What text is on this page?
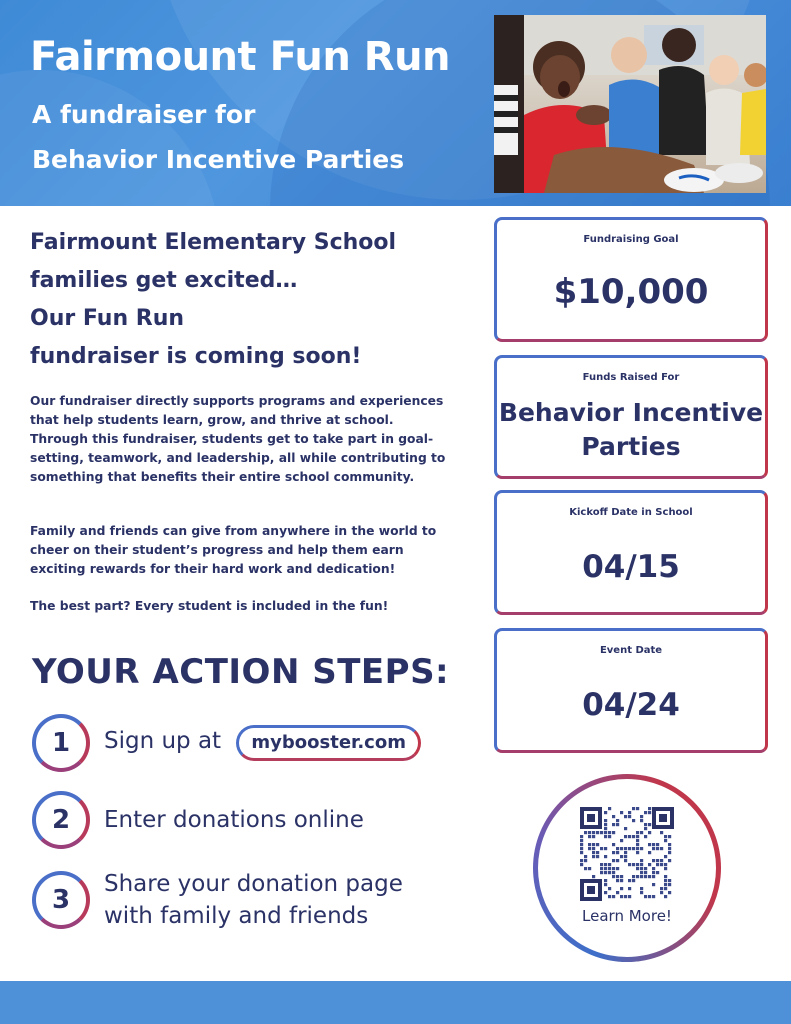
Fairmount Fun Run

A fundraiser for

Behavior Incentive Parties

Fairmount Elementary School
families get excited…
Our Fun Run
fundraiser is coming soon!

Our fundraiser directly supports programs and experiences that help students learn, grow, and thrive at school. Through this fundraiser, students get to take part in goal-setting, teamwork, and leadership, all while contributing to something that benefits their entire school community.

Family and friends can give from anywhere in the world to cheer on their student’s progress and help them earn exciting rewards for their hard work and dedication!

The best part? Every student is included in the fun!

YOUR ACTION STEPS:
1	Sign up at mybooster.com
2	Enter donations online
3
Share your donation page
with family and friends
Fundraising Goal
$10,000
Funds Raised For
Behavior Incentive
Parties
Kickoff Date in School
04/15
Event Date
04/24
Learn More!
